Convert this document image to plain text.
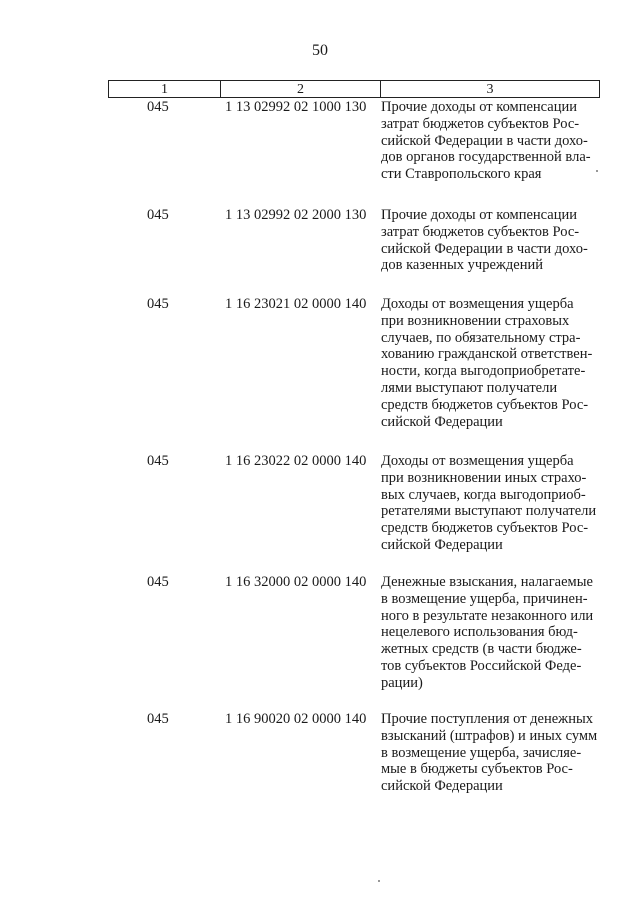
50
1	2	3
045	1 13 02992 02 1000 130 Прочие доходы от компенсации
затрат бюджетов субъектов Рос-
сийской Федерации в части дохо-
дов органов государственной вла-
сти Ставропольского края
045	1 13 02992 02 2000 130 Прочие доходы от компенсации
затрат бюджетов субъектов Рос-
сийской Федерации в части дохо-
дов казенных учреждений
045	1 16 23021 02 0000 140 Доходы от возмещения ущерба
при возникновении страховых
случаев, по обязательному стра-
хованию гражданской ответствен-
ности, когда выгодоприобретате-
лями выступают получатели
средств бюджетов субъектов Рос-
сийской Федерации
045	1 16 23022 02 0000 140 Доходы от возмещения ущерба
при возникновении иных страхо-
вых случаев, когда выгодоприоб-
ретателями выступают получатели
средств бюджетов субъектов Рос-
сийской Федерации
045	1 16 32000 02 0000 140 Денежные взыскания, налагаемые
в возмещение ущерба, причинен-
ного в результате незаконного или
нецелевого использования бюд-
жетных средств (в части бюдже-
тов субъектов Российской Феде-
рации)
045	1 16 90020 02 0000 140 Прочие поступления от денежных
взысканий (штрафов) и иных сумм
в возмещение ущерба, зачисляе-
мые в бюджеты субъектов Рос-
сийской Федерации
